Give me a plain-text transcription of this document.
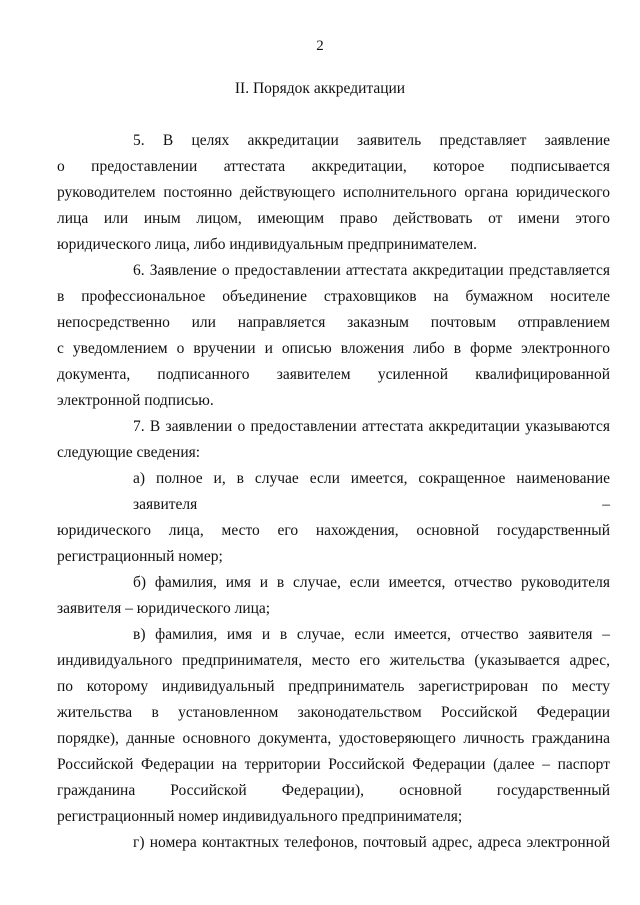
2
II. Порядок аккредитации
5. В целях аккредитации заявитель представляет заявление
о предоставлении аттестата аккредитации, которое подписывается
руководителем постоянно действующего исполнительного органа юридического
лица или иным лицом, имеющим право действовать от имени этого
юридического лица, либо индивидуальным предпринимателем.
6. Заявление о предоставлении аттестата аккредитации представляется
в профессиональное объединение страховщиков на бумажном носителе
непосредственно или направляется заказным почтовым отправлением
с уведомлением о вручении и описью вложения либо в форме электронного
документа, подписанного заявителем усиленной квалифицированной
электронной подписью.
7. В заявлении о предоставлении аттестата аккредитации указываются
следующие сведения:
а) полное и, в случае если имеется, сокращенное наименование заявителя –
юридического лица, место его нахождения, основной государственный
регистрационный номер;
б) фамилия, имя и в случае, если имеется, отчество руководителя
заявителя – юридического лица;
в) фамилия, имя и в случае, если имеется, отчество заявителя –
индивидуального предпринимателя, место его жительства (указывается адрес,
по которому индивидуальный предприниматель зарегистрирован по месту
жительства в установленном законодательством Российской Федерации
порядке), данные основного документа, удостоверяющего личность гражданина
Российской Федерации на территории Российской Федерации (далее – паспорт
гражданина Российской Федерации), основной государственный
регистрационный номер индивидуального предпринимателя;
г) номера контактных телефонов, почтовый адрес, адреса электронной
